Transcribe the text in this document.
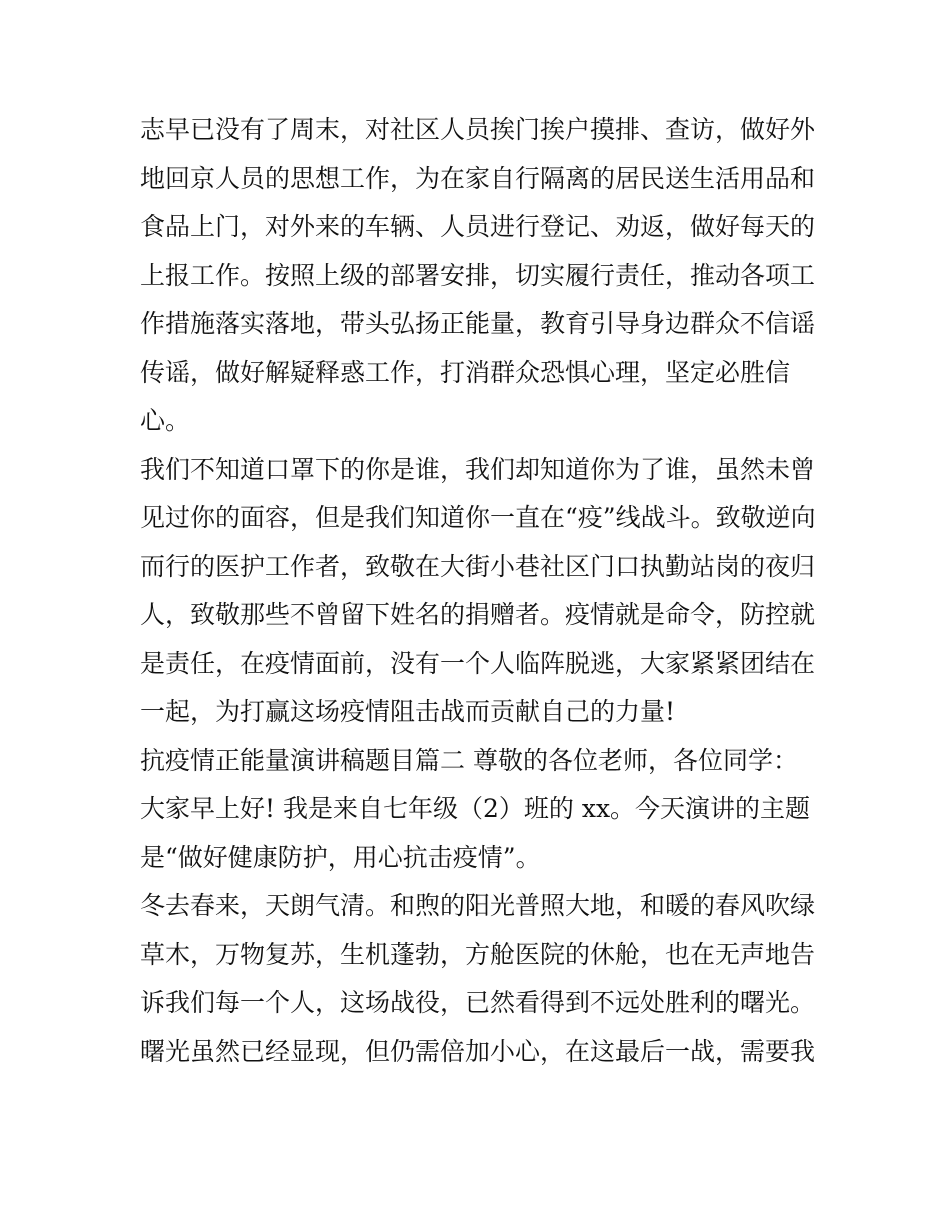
志早已没有了周末，对社区人员挨门挨户摸排、查访，做好外
地回京人员的思想工作，为在家自行隔离的居民送生活用品和
食品上门，对外来的车辆、人员进行登记、劝返，做好每天的
上报工作。按照上级的部署安排，切实履行责任，推动各项工
作措施落实落地，带头弘扬正能量，教育引导身边群众不信谣
传谣，做好解疑释惑工作，打消群众恐惧心理，坚定必胜信
心。
我们不知道口罩下的你是谁，我们却知道你为了谁，虽然未曾
见过你的面容，但是我们知道你一直在“疫”线战斗。致敬逆向
而行的医护工作者，致敬在大街小巷社区门口执勤站岗的夜归
人，致敬那些不曾留下姓名的捐赠者。疫情就是命令，防控就
是责任，在疫情面前，没有一个人临阵脱逃，大家紧紧团结在
一起，为打赢这场疫情阻击战而贡献自己的力量!
抗疫情正能量演讲稿题目篇二 尊敬的各位老师，各位同学：
大家早上好! 我是来自七年级（2）班的 xx。今天演讲的主题
是“做好健康防护，用心抗击疫情”。
冬去春来，天朗气清。和煦的阳光普照大地，和暖的春风吹绿
草木，万物复苏，生机蓬勃，方舱医院的休舱，也在无声地告
诉我们每一个人，这场战役，已然看得到不远处胜利的曙光。
曙光虽然已经显现，但仍需倍加小心，在这最后一战，需要我
